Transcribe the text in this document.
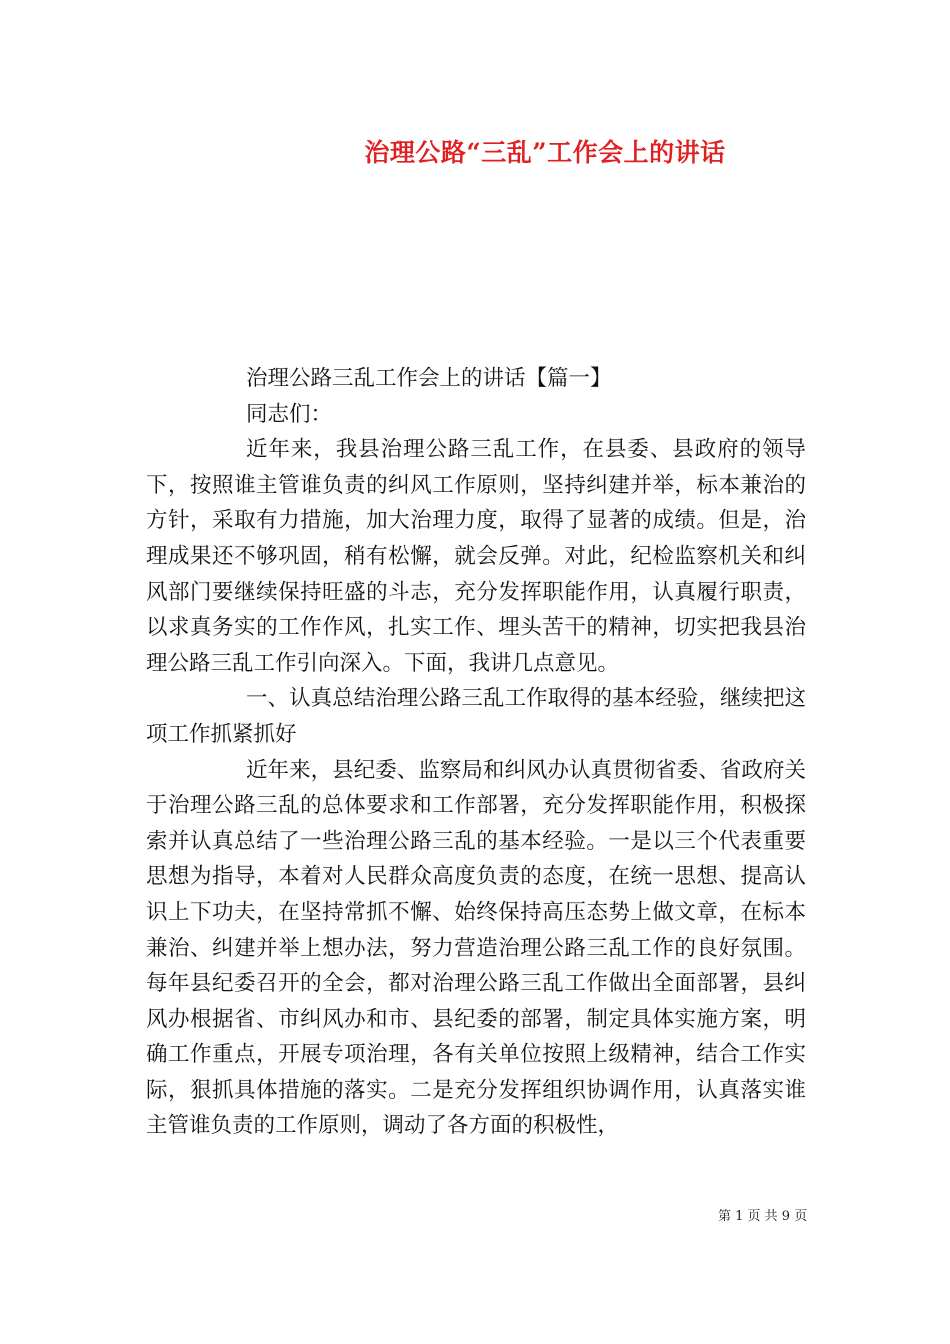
治理公路“三乱”工作会上的讲话

治理公路三乱工作会上的讲话【篇一】

同志们：

近年来，我县治理公路三乱工作，在县委、县政府的领导下，按照谁主管谁负责的纠风工作原则，坚持纠建并举，标本兼治的方针，采取有力措施，加大治理力度，取得了显著的成绩。但是，治理成果还不够巩固，稍有松懈，就会反弹。对此，纪检监察机关和纠风部门要继续保持旺盛的斗志，充分发挥职能作用，认真履行职责，以求真务实的工作作风，扎实工作、埋头苦干的精神，切实把我县治理公路三乱工作引向深入。下面，我讲几点意见。

一、认真总结治理公路三乱工作取得的基本经验，继续把这项工作抓紧抓好

近年来，县纪委、监察局和纠风办认真贯彻省委、省政府关于治理公路三乱的总体要求和工作部署，充分发挥职能作用，积极探索并认真总结了一些治理公路三乱的基本经验。一是以三个代表重要思想为指导，本着对人民群众高度负责的态度，在统一思想、提高认识上下功夫，在坚持常抓不懈、始终保持高压态势上做文章，在标本兼治、纠建并举上想办法，努力营造治理公路三乱工作的良好氛围。每年县纪委召开的全会，都对治理公路三乱工作做出全面部署，县纠风办根据省、市纠风办和市、县纪委的部署，制定具体实施方案，明确工作重点，开展专项治理，各有关单位按照上级精神，结合工作实际，狠抓具体措施的落实。二是充分发挥组织协调作用，认真落实谁主管谁负责的工作原则，调动了各方面的积极性，

第 1 页 共 9 页
